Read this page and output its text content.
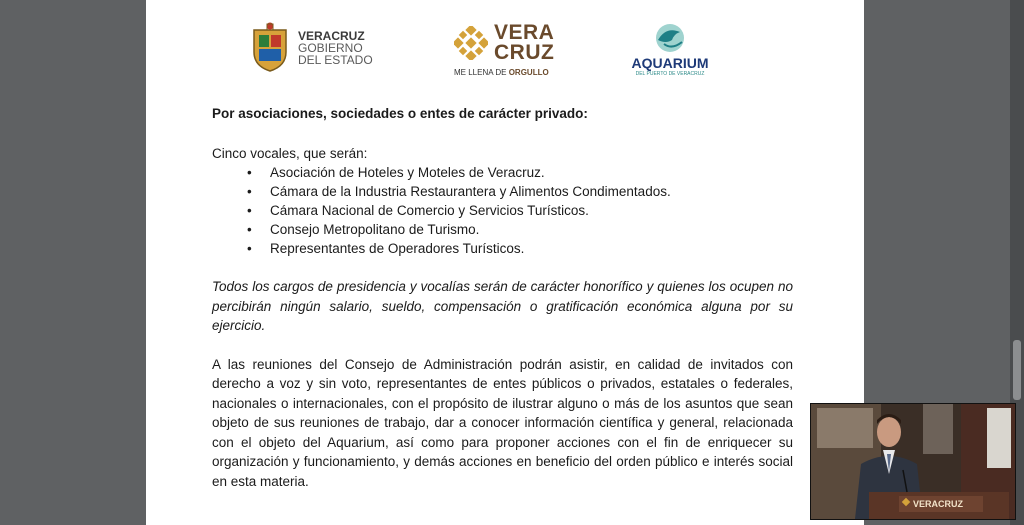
VERACRUZ
GOBIERNO
DEL ESTADO
VERA
CRUZ
ME LLENA DE ORGULLO
AQUARIUM
DEL PUERTO DE VERACRUZ

Por asociaciones, sociedades o entes de carácter privado:

Cinco vocales, que serán:

• Asociación de Hoteles y Moteles de Veracruz.
• Cámara de la Industria Restaurantera y Alimentos Condimentados.
• Cámara Nacional de Comercio y Servicios Turísticos.
• Consejo Metropolitano de Turismo.
• Representantes de Operadores Turísticos.

Todos los cargos de presidencia y vocalías serán de carácter honorífico y quienes los ocupen no percibirán ningún salario, sueldo, compensación o gratificación económica alguna por su ejercicio.

A las reuniones del Consejo de Administración podrán asistir, en calidad de invitados con derecho a voz y sin voto, representantes de entes públicos o privados, estatales o federales, nacionales o internacionales, con el propósito de ilustrar alguno o más de los asuntos que sean objeto de sus reuniones de trabajo, dar a conocer información científica y general, relacionada con el objeto del Aquarium, así como para proponer acciones con el fin de enriquecer su organización y funcionamiento, y demás acciones en beneficio del orden público e interés social en esta materia.

VERACRUZ
